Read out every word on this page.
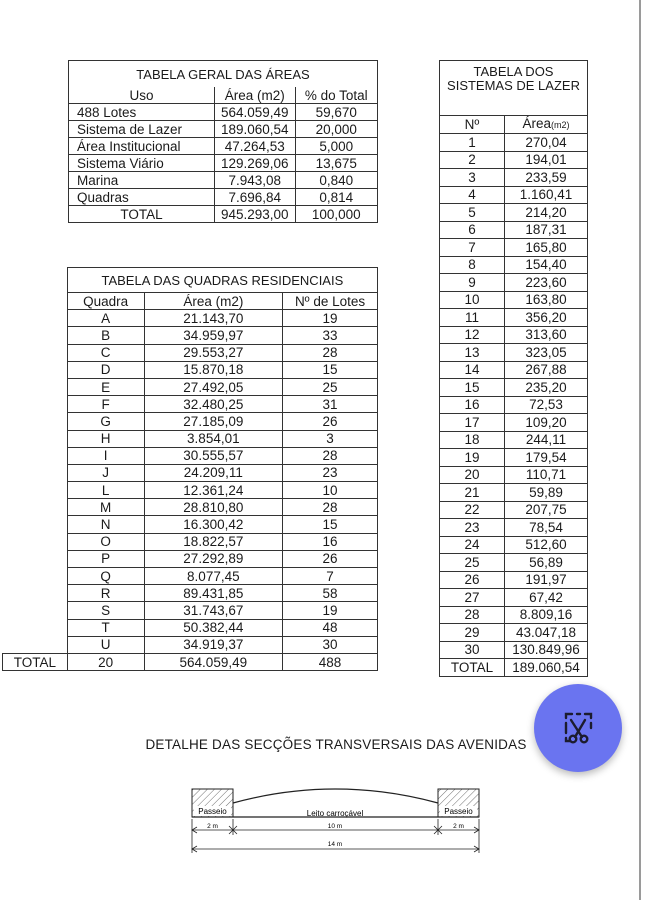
TABELA GERAL DAS ÁREAS		
Uso	Área (m2)	% do Total
488 Lotes	564.059,49	59,670
Sistema de Lazer	189.060,54	20,000
Área Institucional	47.264,53	5,000
Sistema Viário	129.269,06	13,675
Marina	7.943,08	0,840
Quadras	7.696,84	0,814
TOTAL	945.293,00	100,000
	TABELA DAS QUADRAS RESIDENCIAIS		
	Quadra	Área (m2)	Nº de Lotes
	A	21.143,70	19
	B	34.959,97	33
	C	29.553,27	28
	D	15.870,18	15
	E	27.492,05	25
	F	32.480,25	31
	G	27.185,09	26
	H	3.854,01	3
	I	30.555,57	28
	J	24.209,11	23
	L	12.361,24	10
	M	28.810,80	28
	N	16.300,42	15
	O	18.822,57	16
	P	27.292,89	26
	Q	8.077,45	7
	R	89.431,85	58
	S	31.743,67	19
	T	50.382,44	48
	U	34.919,37	30
TOTAL	20	564.059,49	488
TABELA DOS SISTEMAS DE LAZER	
Nº	Área(m2)
1	270,04
2	194,01
3	233,59
4	1.160,41
5	214,20
6	187,31
7	165,80
8	154,40
9	223,60
10	163,80
11	356,20
12	313,60
13	323,05
14	267,88
15	235,20
16	72,53
17	109,20
18	244,11
19	179,54
20	110,71
21	59,89
22	207,75
23	78,54
24	512,60
25	56,89
26	191,97
27	67,42
28	8.809,16
29	43.047,18
30	130.849,96
TOTAL	189.060,54
DETALHE DAS SECÇÕES TRANSVERSAIS DAS AVENIDAS
Passeio	Passeio
Leito carroçável
2 m	10 m	2 m
14 m
